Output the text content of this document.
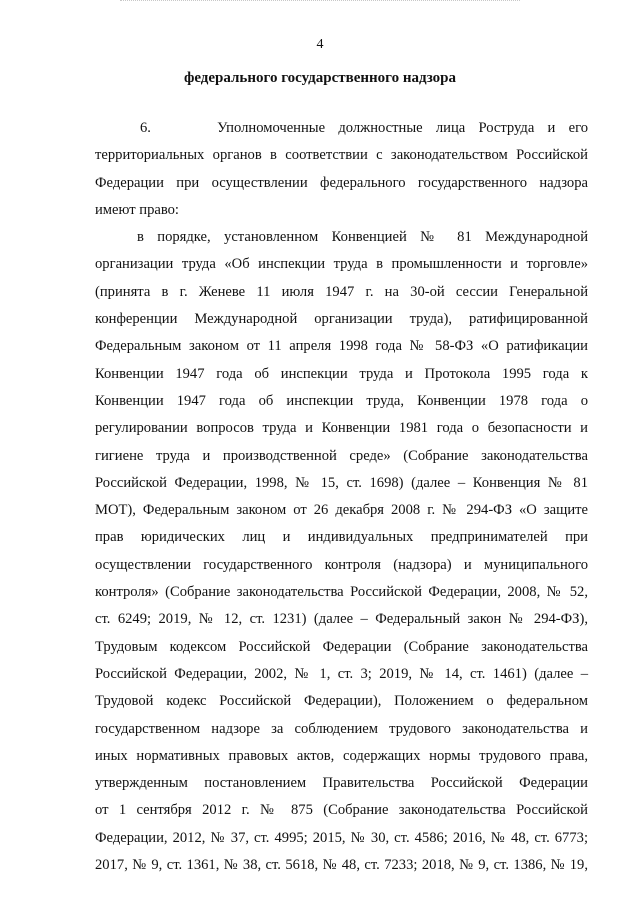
4
федерального государственного надзора
6.     Уполномоченные должностные лица Роструда и его
территориальных органов в соответствии с законодательством Российской
Федерации при осуществлении федерального государственного надзора
имеют право:
в порядке, установленном Конвенцией № 81 Международной
организации труда «Об инспекции труда в промышленности и торговле»
(принята в г. Женеве 11 июля 1947 г. на 30-ой сессии Генеральной
конференции Международной организации труда), ратифицированной
Федеральным законом от 11 апреля 1998 года № 58-ФЗ «О ратификации
Конвенции 1947 года об инспекции труда и Протокола 1995 года к
Конвенции 1947 года об инспекции труда, Конвенции 1978 года о
регулировании вопросов труда и Конвенции 1981 года о безопасности и
гигиене труда и производственной среде» (Собрание законодательства
Российской Федерации, 1998, № 15, ст. 1698) (далее – Конвенция № 81
МОТ), Федеральным законом от 26 декабря 2008 г. № 294-ФЗ «О защите
прав юридических лиц и индивидуальных предпринимателей при
осуществлении государственного контроля (надзора) и муниципального
контроля» (Собрание законодательства Российской Федерации, 2008, № 52,
ст. 6249; 2019, № 12, ст. 1231) (далее – Федеральный закон № 294-ФЗ),
Трудовым кодексом Российской Федерации (Собрание законодательства
Российской Федерации, 2002, № 1, ст. 3; 2019, № 14, ст. 1461) (далее –
Трудовой кодекс Российской Федерации), Положением о федеральном
государственном надзоре за соблюдением трудового законодательства и
иных нормативных правовых актов, содержащих нормы трудового права,
утвержденным постановлением Правительства Российской Федерации
от 1 сентября 2012 г. № 875 (Собрание законодательства Российской
Федерации, 2012, № 37, ст. 4995; 2015, № 30, ст. 4586; 2016, № 48, ст. 6773;
2017, № 9, ст. 1361, № 38, ст. 5618, № 48, ст. 7233; 2018, № 9, ст. 1386, № 19,
